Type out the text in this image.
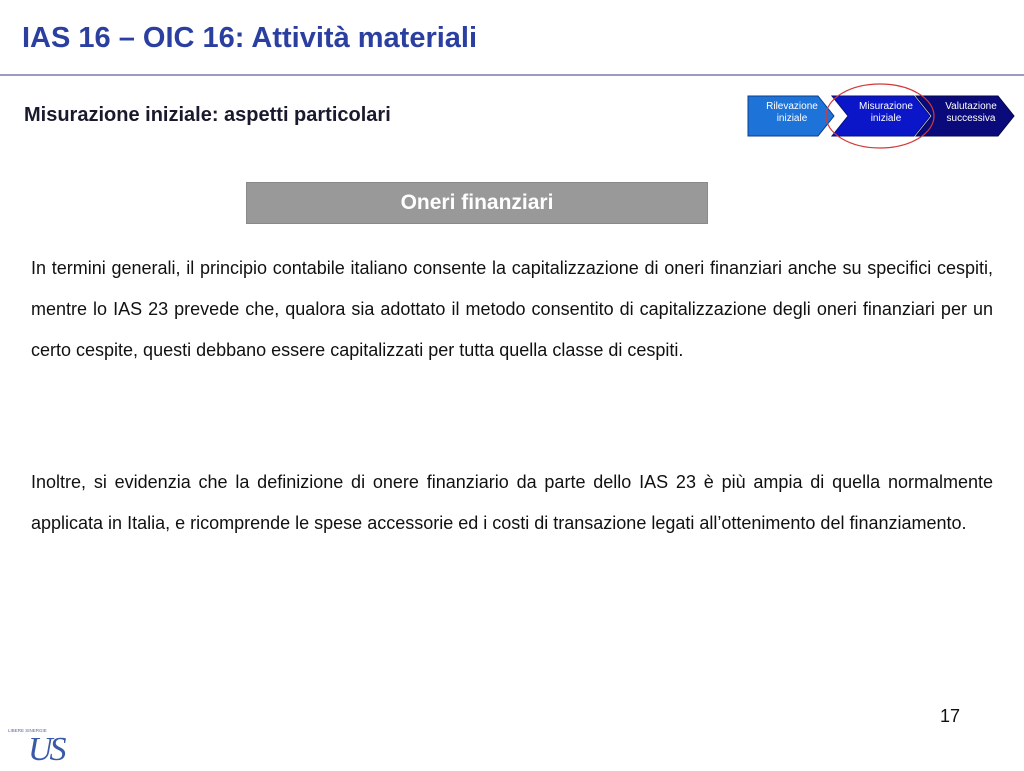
IAS 16 – OIC 16: Attività materiali
Misurazione iniziale: aspetti particolari	Rilevazione
iniziale
Misurazione
iniziale
Valutazione
successiva
Oneri finanziari

In termini generali, il principio contabile italiano consente la capitalizzazione di oneri finanziari anche su specifici cespiti, mentre lo IAS 23 prevede che, qualora sia adottato il metodo consentito di capitalizzazione degli oneri finanziari per un certo cespite, questi debbano essere capitalizzati per tutta quella classe di cespiti.

Inoltre, si evidenzia che la definizione di onere finanziario da parte dello IAS 23 è più ampia di quella normalmente applicata in Italia, e ricomprende le spese accessorie ed i costi di transazione legati all’ottenimento del finanziamento.

17
LIBERE SINERGIE
US
